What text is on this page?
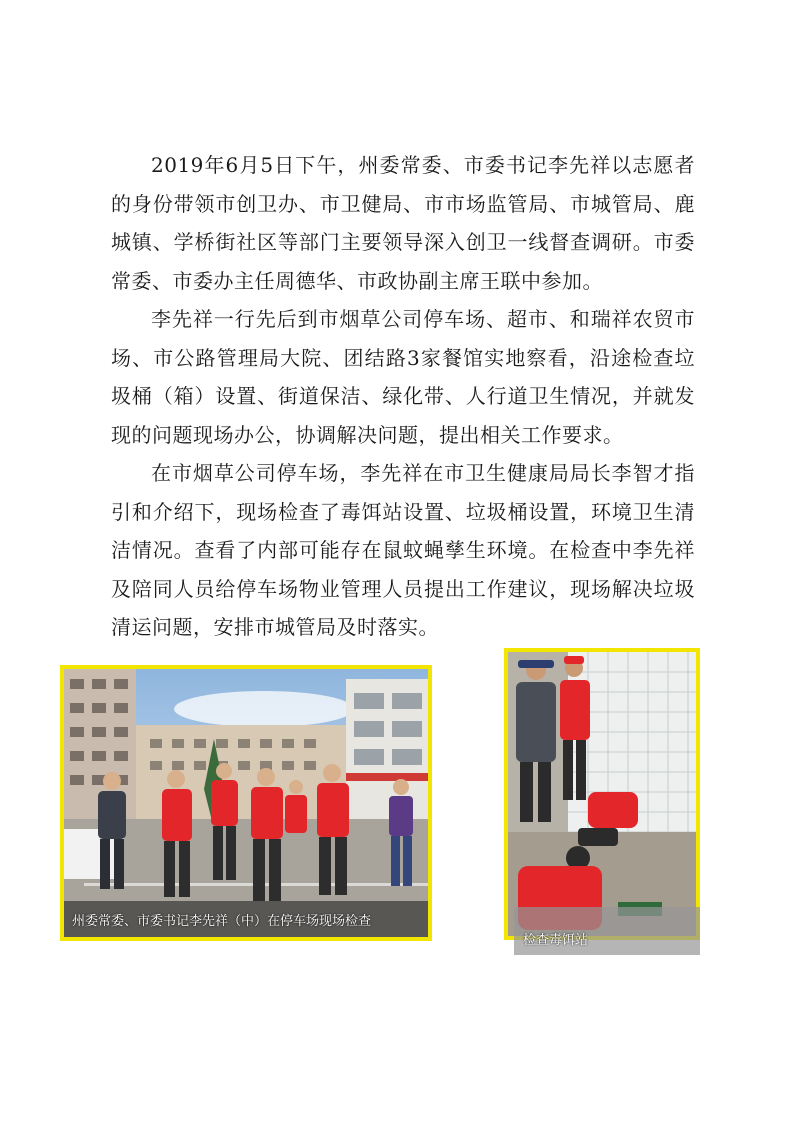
2019年6月5日下午，州委常委、市委书记李先祥以志愿者的身份带领市创卫办、市卫健局、市市场监管局、市城管局、鹿城镇、学桥街社区等部门主要领导深入创卫一线督查调研。市委常委、市委办主任周德华、市政协副主席王联中参加。

李先祥一行先后到市烟草公司停车场、超市、和瑞祥农贸市场、市公路管理局大院、团结路3家餐馆实地察看，沿途检查垃圾桶（箱）设置、街道保洁、绿化带、人行道卫生情况，并就发现的问题现场办公，协调解决问题，提出相关工作要求。

在市烟草公司停车场，李先祥在市卫生健康局局长李智才指引和介绍下，现场检查了毒饵站设置、垃圾桶设置，环境卫生清洁情况。查看了内部可能存在鼠蚊蝇孳生环境。在检查中李先祥及陪同人员给停车场物业管理人员提出工作建议，现场解决垃圾清运问题，安排市城管局及时落实。

州委常委、市委书记李先祥（中）在停车场现场检查
检查毒饵站
